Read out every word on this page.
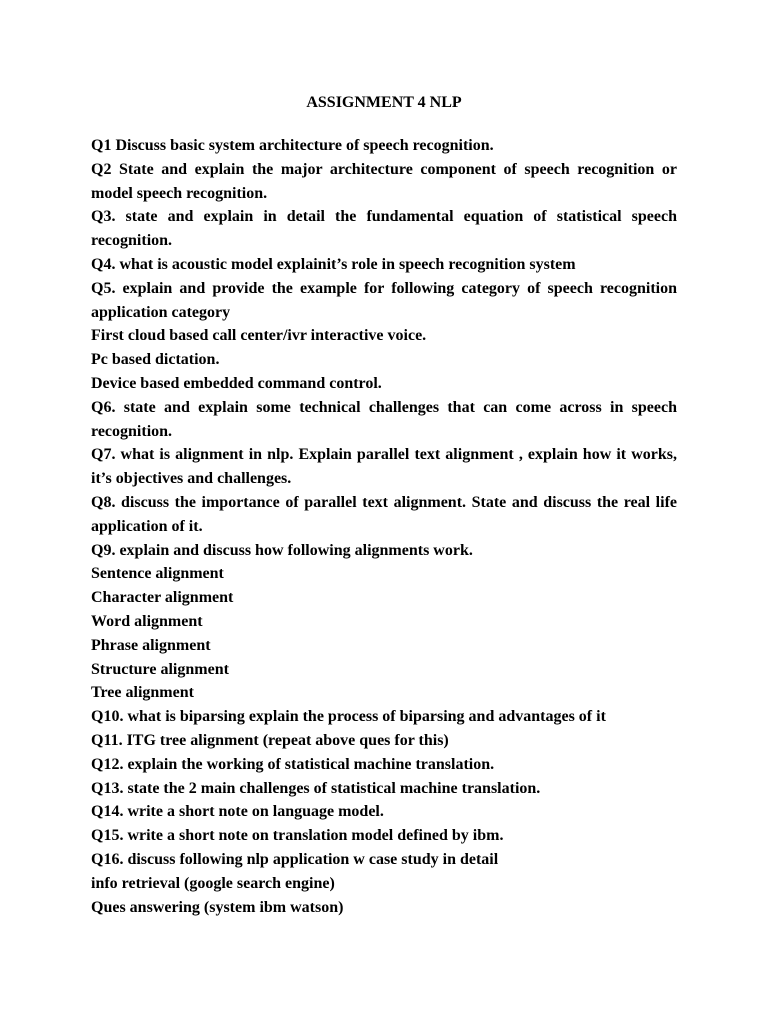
ASSIGNMENT 4 NLP

Q1 Discuss basic system architecture of speech recognition.

Q2 State and explain the major architecture component of speech recognition or model speech recognition.

Q3. state and explain in detail the fundamental equation of statistical speech recognition.

Q4. what is acoustic model explainit’s role in speech recognition system

Q5. explain and provide the example for following category of speech recognition application category

First cloud based call center/ivr interactive voice.

Pc based dictation.

Device based embedded command control.

Q6. state and explain some technical challenges that can come across in speech recognition.

Q7. what is alignment in nlp. Explain parallel text alignment , explain how it works, it’s objectives and challenges.

Q8. discuss the importance of parallel text alignment. State and discuss the real life application of it.

Q9. explain and discuss how following alignments work.

Sentence alignment

Character alignment

Word alignment

Phrase alignment

Structure alignment

Tree alignment

Q10. what is biparsing explain the process of biparsing and advantages of it

Q11. ITG tree alignment (repeat above ques for this)

Q12. explain the working of statistical machine translation.

Q13. state the 2 main challenges of statistical machine translation.

Q14. write a short note on language model.

Q15. write a short note on translation model defined by ibm.

Q16. discuss following nlp application w case study in detail

info retrieval (google search engine)

Ques answering (system ibm watson)
